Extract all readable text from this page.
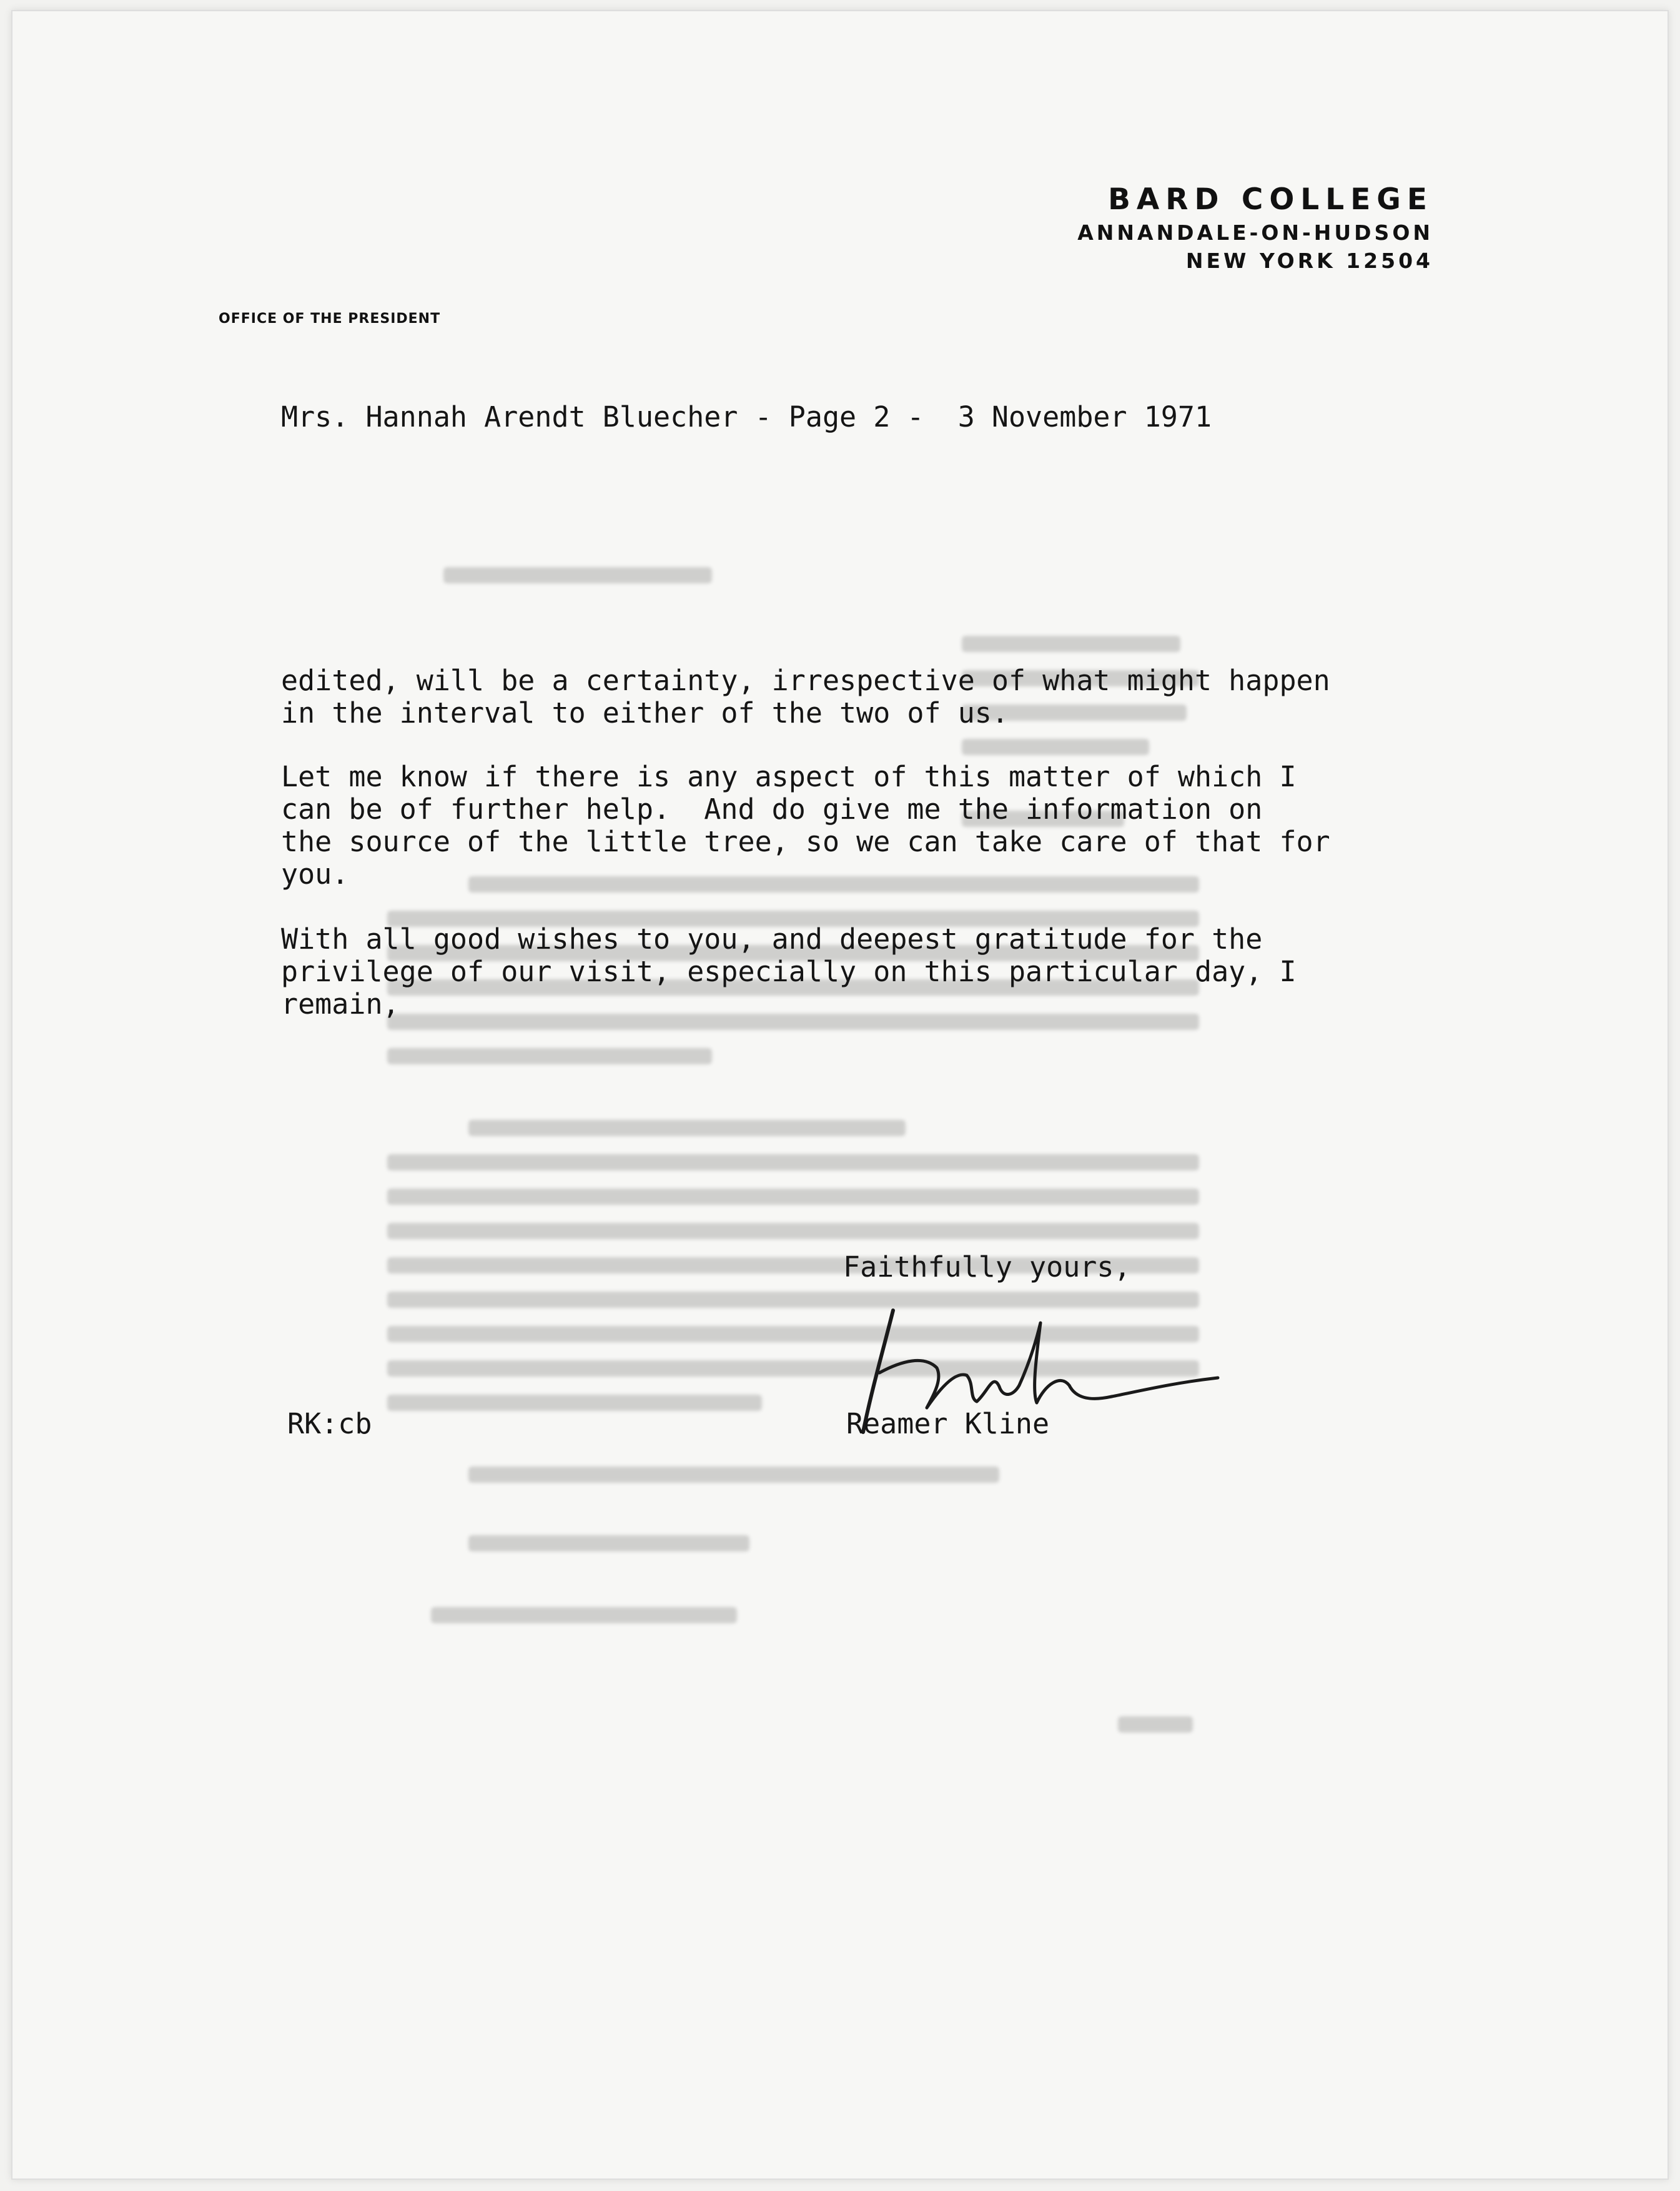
BARD COLLEGE
ANNANDALE-ON-HUDSON
NEW YORK 12504
OFFICE OF THE PRESIDENT
Mrs. Hannah Arendt Bluecher - Page 2 -  3 November 1971
edited, will be a certainty, irrespective of what might happen
in the interval to either of the two of us.
Let me know if there is any aspect of this matter of which I
can be of further help.  And do give me the information on
the source of the little tree, so we can take care of that for
you.
With all good wishes to you, and deepest gratitude for the
privilege of our visit, especially on this particular day, I
remain,
Faithfully yours,
RK:cb	Reamer Kline
